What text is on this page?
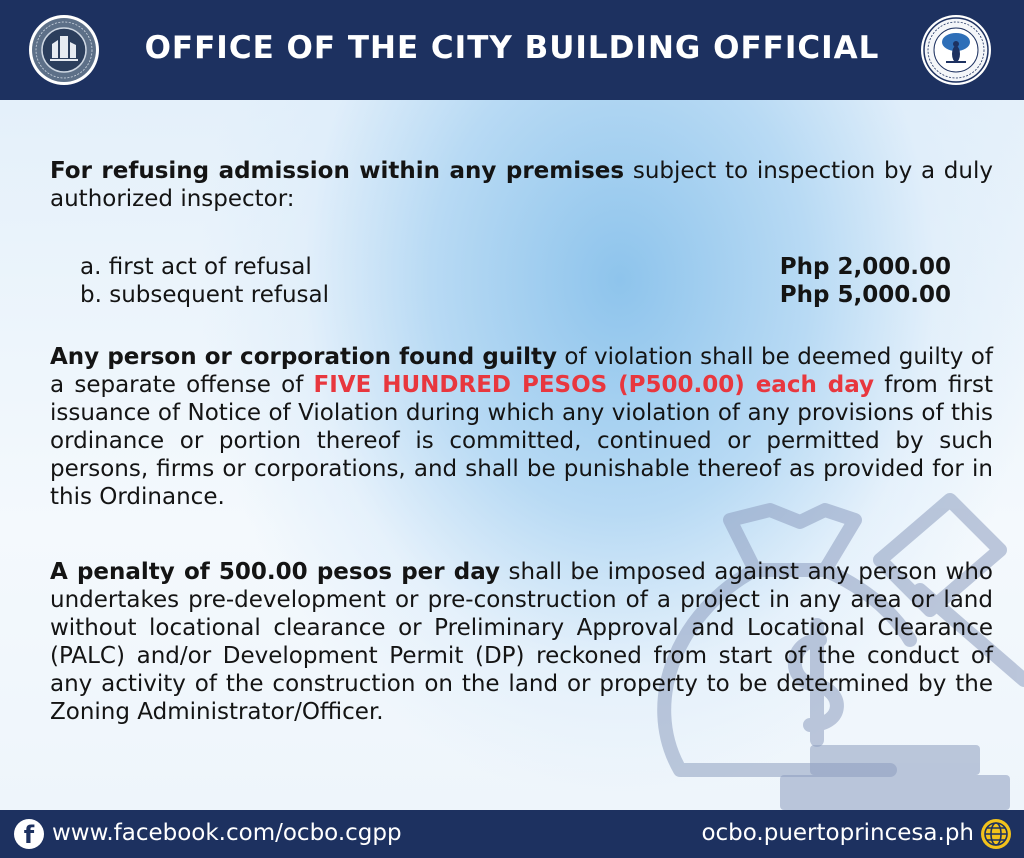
OFFICE OF THE CITY BUILDING OFFICIAL

For refusing admission within any premises subject to inspection by a duly authorized inspector:

a. first act of refusal	Php 2,000.00
b. subsequent refusal	Php 5,000.00

Any person or corporation found guilty of violation shall be deemed guilty of a separate offense of FIVE HUNDRED PESOS (P500.00) each day from first issuance of Notice of Violation during which any violation of any provisions of this ordinance or portion thereof is committed, continued or permitted by such persons, firms or corporations, and shall be punishable thereof as provided for in this Ordinance.

A penalty of 500.00 pesos per day shall be imposed against any person who undertakes pre-development or pre-construction of a project in any area or land without locational clearance or Preliminary Approval and Locational Clearance (PALC) and/or Development Permit (DP) reckoned from start of the conduct of any activity of the construction on the land or property to be determined by the Zoning Administrator/Officer.

f www.facebook.com/ocbo.cgpp	ocbo.puertoprincesa.ph
